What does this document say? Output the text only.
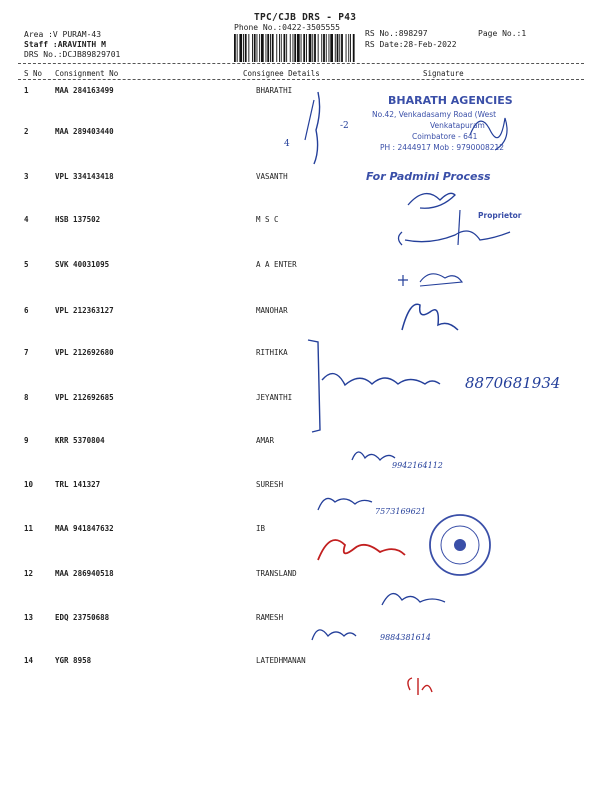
TPC/CJB DRS - P43
Phone No.:0422-3505555
RS No.:898297	Page No.:1
RS Date:28-Feb-2022
Area :V PURAM-43
Staff :ARAVINTH M
DRS No.:DCJB89829701
S No Consignment No	Consignee Details	Signature
1	MAA 284163499	BHARATHI
2	MAA 289403440
3	VPL 334143418	VASANTH
4	HSB 137502	M S C
5	SVK 40031095	A A ENTER
6	VPL 212363127	MANOHAR
7	VPL 212692680	RITHIKA
8	VPL 212692685	JEYANTHI
9	KRR 5370804	AMAR
10	TRL 141327	SURESH
11	MAA 941847632	IB
12	MAA 286940518	TRANSLAND
13	EDQ 23750688	RAMESH
14	YGR 8958	LATEDHMANAN
4
-2
8870681934
9942164112
7573169621
9884381614
BHARATH AGENCIES
No.42, Venkadasamy Road (West
Venkatapuram
Coimbatore - 641
PH : 2444917 Mob : 9790008212
For Padmini Process
Proprietor
